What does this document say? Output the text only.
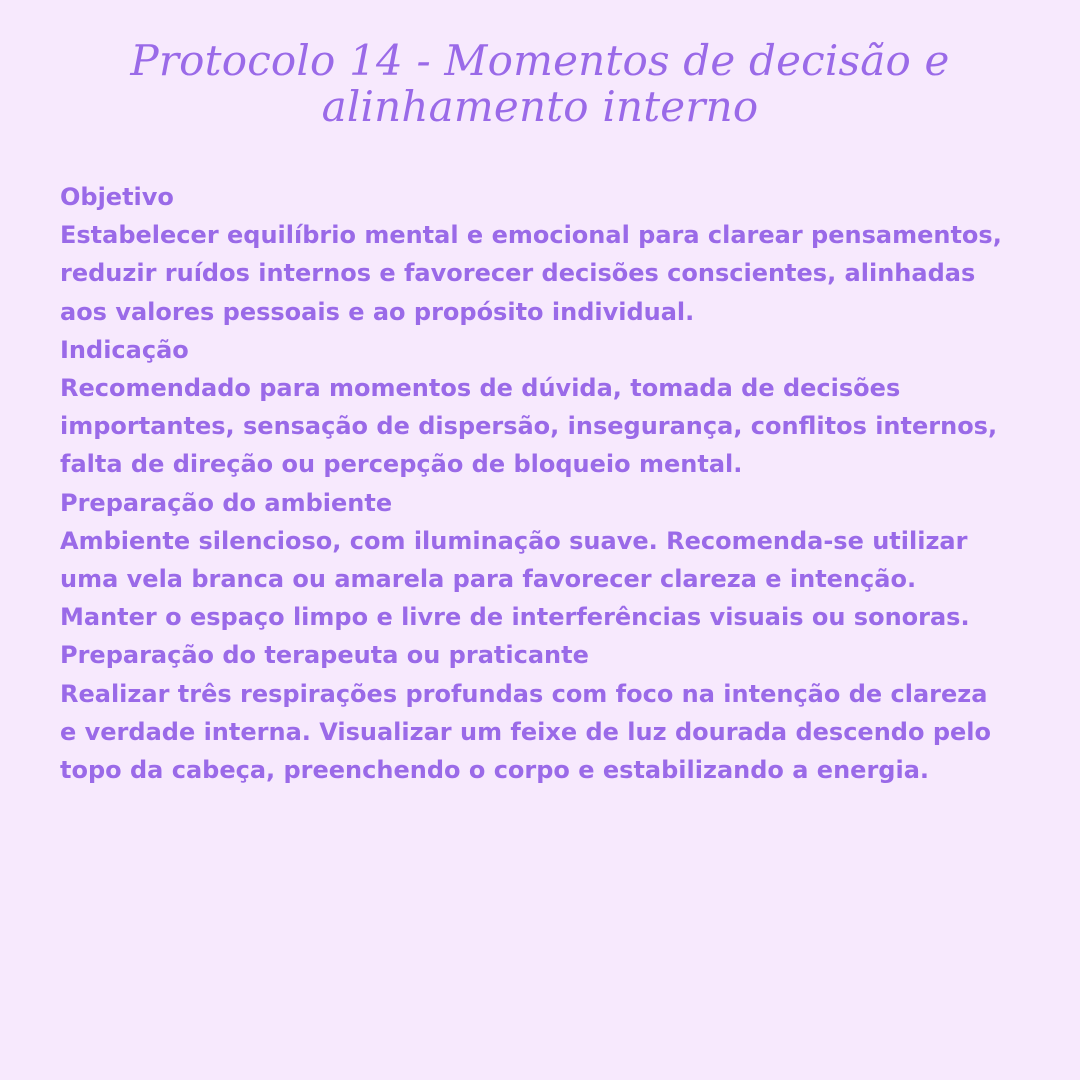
Protocolo 14 - Momentos de decisão e
alinhamento interno
Objetivo
Estabelecer equilíbrio mental e emocional para clarear pensamentos,
reduzir ruídos internos e favorecer decisões conscientes, alinhadas
aos valores pessoais e ao propósito individual.
Indicação
Recomendado para momentos de dúvida, tomada de decisões
importantes, sensação de dispersão, insegurança, conflitos internos,
falta de direção ou percepção de bloqueio mental.
Preparação do ambiente
Ambiente silencioso, com iluminação suave. Recomenda-se utilizar
uma vela branca ou amarela para favorecer clareza e intenção.
Manter o espaço limpo e livre de interferências visuais ou sonoras.
Preparação do terapeuta ou praticante
Realizar três respirações profundas com foco na intenção de clareza
e verdade interna. Visualizar um feixe de luz dourada descendo pelo
topo da cabeça, preenchendo o corpo e estabilizando a energia.
